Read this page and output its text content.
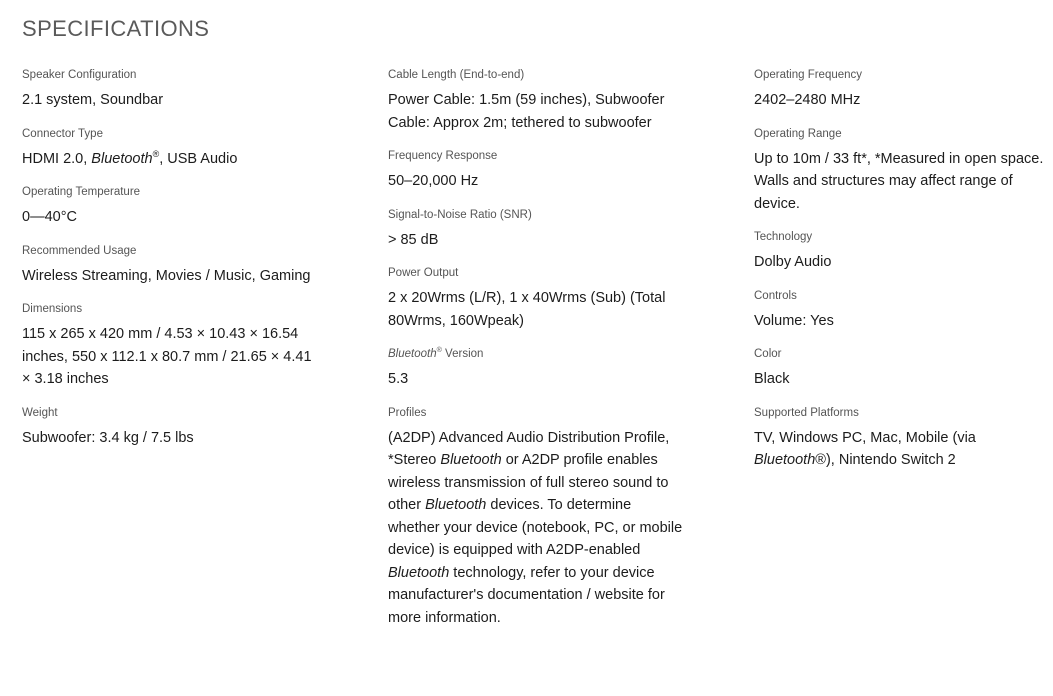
SPECIFICATIONS
Speaker Configuration
2.1 system, Soundbar
Connector Type
HDMI 2.0, Bluetooth®, USB Audio
Operating Temperature
0—40°C
Recommended Usage
Wireless Streaming, Movies / Music, Gaming
Dimensions
115 x 265 x 420 mm / 4.53 × 10.43 × 16.54 inches, 550 x 112.1 x 80.7 mm / 21.65 × 4.41 × 3.18 inches
Weight
Subwoofer: 3.4 kg / 7.5 lbs
Cable Length (End-to-end)
Power Cable: 1.5m (59 inches), Subwoofer Cable: Approx 2m; tethered to subwoofer
Frequency Response
50–20,000 Hz
Signal-to-Noise Ratio (SNR)
> 85 dB
Power Output
2 x 20Wrms (L/R), 1 x 40Wrms (Sub) (Total 80Wrms, 160Wpeak)
Bluetooth® Version
5.3
Profiles
(A2DP) Advanced Audio Distribution Profile, *Stereo Bluetooth or A2DP profile enables wireless transmission of full stereo sound to other Bluetooth devices. To determine whether your device (notebook, PC, or mobile device) is equipped with A2DP-enabled Bluetooth technology, refer to your device manufacturer's documentation / website for more information.
Operating Frequency
2402–2480 MHz
Operating Range
Up to 10m / 33 ft*, *Measured in open space. Walls and structures may affect range of device.
Technology
Dolby Audio
Controls
Volume: Yes
Color
Black
Supported Platforms
TV, Windows PC, Mac, Mobile (via Bluetooth®), Nintendo Switch 2
